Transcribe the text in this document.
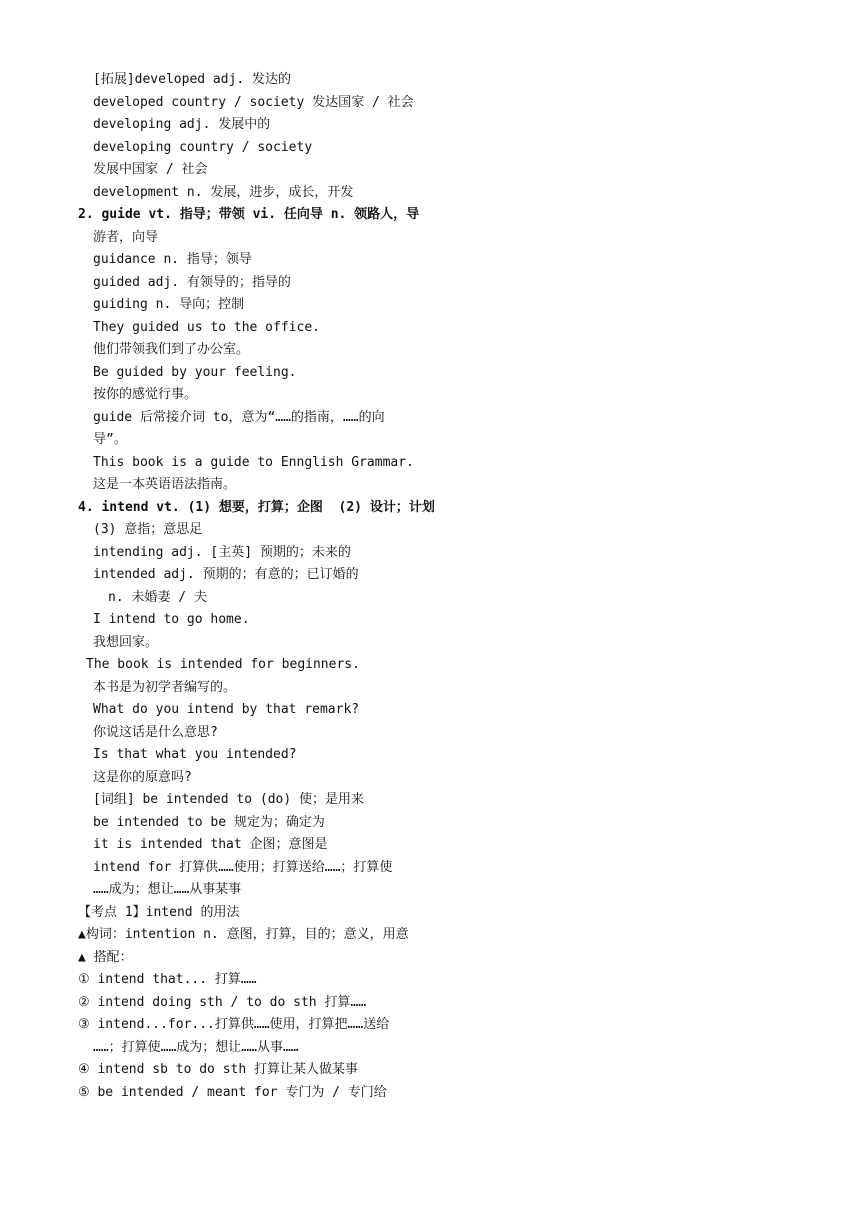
[拓展]developed adj. 发达的
developed country / society 发达国家 / 社会
developing adj. 发展中的
developing country / society
发展中国家 / 社会
development n. 发展，进步，成长，开发
2. guide vt. 指导；带领 vi. 任向导 n. 领路人，导
游者，向导
guidance n. 指导；领导
guided adj. 有领导的；指导的
guiding n. 导向；控制
They guided us to the office.
他们带领我们到了办公室。
Be guided by your feeling.
按你的感觉行事。
guide 后常接介词 to，意为“……的指南，……的向
导”。
This book is a guide to Ennglish Grammar.
这是一本英语语法指南。
4. intend vt. (1) 想要，打算；企图  (2) 设计；计划
(3) 意指；意思足
intending adj. [主英] 预期的；未来的
intended adj. 预期的；有意的；已订婚的
n. 未婚妻 / 夫
I intend to go home.
我想回家。
The book is intended for beginners.
本书是为初学者编写的。
What do you intend by that remark?
你说这话是什么意思?
Is that what you intended?
这是你的原意吗?
[词组] be intended to (do) 使；是用来
be intended to be 规定为；确定为
it is intended that 企图；意图是
intend for 打算供……使用；打算送给……；打算使
……成为；想让……从事某事
【考点 1】intend 的用法
▲构词：intention n. 意图，打算，目的；意义，用意
▲ 搭配：
① intend that... 打算……
② intend doing sth / to do sth 打算……
③ intend...for...打算供……使用，打算把……送给
……；打算使……成为；想让……从事……
④ intend sb to do sth 打算让某人做某事
⑤ be intended / meant for 专门为 / 专门给
